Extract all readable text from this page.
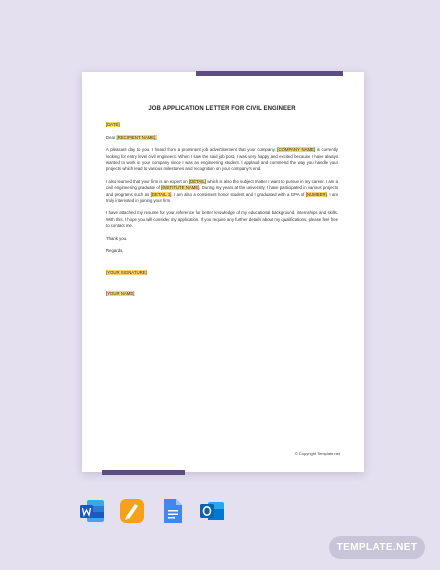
JOB APPLICATION LETTER FOR CIVIL ENGINEER

[DATE]

Dear [RECIPIENT NAME],

A pleasant day to you. I heard from a prominent job advertisement that your company, [COMPANY NAME] is currently looking for entry level civil engineers. When I saw the said job post, I was very happy and excited because I have always wanted to work in your company since I was an engineering student. I applaud and commend the way you handle your projects which lead to various milestones and recognition on your company's end.

I also learned that your firm is an expert on [DETAIL] which is also the subject matter I want to pursue in my career. I am a civil engineering graduate of [INSTITUTE NAME]. During my years at the university, I have participated in various projects and programs such as [DETAIL 1]. I am also a consistent honor student and I graduated with a GPA of [NUMBER]. I am truly interested in joining your firm.

I have attached my resume for your reference for better knowledge of my educational background, internships and skills. With this, I hope you will consider my application. If you require any further details about my qualifications, please feel free to contact me.

Thank you.

Regards,

[YOUR SIGNATURE]

[YOUR NAME]

© Copyright Template.net
TEMPLATE.NET
